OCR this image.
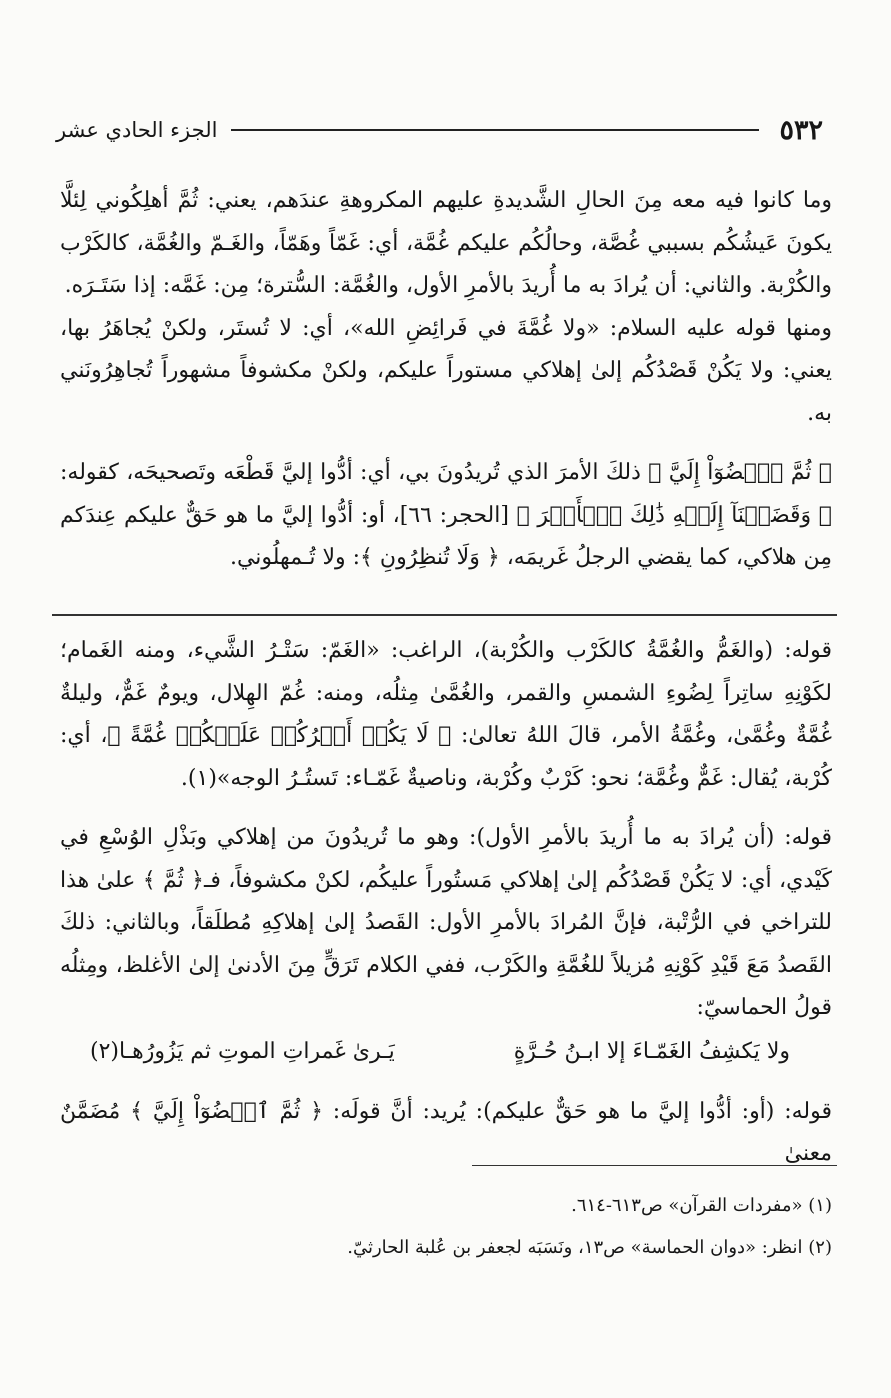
٥٣٢
الجزء الحادي عشر

وما كانوا فيه معه مِنَ الحالِ الشَّديدةِ عليهم المكروهةِ عندَهم، يعني: ثُمَّ أهلِكُوني لِئلَّا يكونَ عَيشُكُم بسببي غُصَّة، وحالُكُم عليكم غُمَّة، أي: غَمّاً وهَمّاً، والغَـمّ والغُمَّة، كالكَرْب والكُرْبة. والثاني: أن يُرادَ به ما أُريدَ بالأمرِ الأول، والغُمَّة: السُّترة؛ مِن: غَمَّه: إذا سَتَـرَه.

ومنها قوله عليه السلام: «ولا غُمَّةَ في فَرائِضِ الله»، أي: لا تُستَر، ولكنْ يُجاهَرُ بها، يعني: ولا يَكُنْ قَصْدُكُم إلىٰ إهلاكي مستوراً عليكم، ولكنْ مكشوفاً مشهوراً تُجاهِرُونَني به.

﴿ ثُمَّ ٱقۡضُوٓاْ إِلَيَّ ﴾ ذلكَ الأمرَ الذي تُريدُونَ بي، أي: أدُّوا إليَّ قَطْعَه وتَصحيحَه، كقوله: ﴿ وَقَضَيۡنَآ إِلَيۡهِ ذَٰلِكَ ٱلۡأَمۡرَ ﴾ [الحجر: ٦٦]، أو: أدُّوا إليَّ ما هو حَقٌّ عليكم عِندَكم مِن هلاكي، كما يقضي الرجلُ غَريمَه، ﴿ وَلَا تُنظِرُونِ ﴾: ولا تُـمهلُوني.

قوله: (والغَمُّ والغُمَّةُ كالكَرْب والكُرْبة)، الراغب: «الغَمّ: سَتْـرُ الشَّيء، ومنه الغَمام؛ لكَوْنِهِ ساتِراً لِضُوءِ الشمسِ والقمر، والغُمَّىٰ مِثلُه، ومنه: غُمّ الهِلال، ويومٌ غَمٌّ، وليلةٌ غُمَّةٌ وغُمَّىٰ، وغُمَّةُ الأمر، قالَ اللهُ تعالىٰ: ﴿ لَا يَكُنۡ أَمۡرُكُمۡ عَلَيۡكُمۡ غُمَّةً ﴾، أي: كُرْبة، يُقال: غَمٌّ وغُمَّة؛ نحو: كَرْبٌ وكُرْبة، وناصيةٌ غَمّـاء: تَستُـرُ الوجه»(١).

قوله: (أن يُرادَ به ما أُريدَ بالأمرِ الأول): وهو ما تُريدُونَ من إهلاكي وبَذْلِ الوُسْعِ في كَيْدي، أي: لا يَكُنْ قَصْدُكُم إلىٰ إهلاكي مَستُوراً عليكُم، لكنْ مكشوفاً، فـ﴿ ثُمَّ ﴾ علىٰ هذا للتراخي في الرُّتْبة، فإنَّ المُرادَ بالأمرِ الأول: القَصدُ إلىٰ إهلاكِهِ مُطلَقاً، وبالثاني: ذلكَ القَصدُ مَعَ قَيْدِ كَوْنِهِ مُزيلاً للغُمَّةِ والكَرْب، ففي الكلام تَرَقٍّ مِنَ الأدنىٰ إلىٰ الأغلظ، ومِثلُه قولُ الحماسيّ:

ولا يَكشِفُ الغَمّـاءَ إلا ابـنُ حُـرَّةٍ
يَـرىٰ غَمراتِ الموتِ ثم يَزُورُهـا(٢)

قوله: (أو: أدُّوا إليَّ ما هو حَقٌّ عليكم): يُريد: أنَّ قولَه: ﴿ ثُمَّ ٱقۡضُوٓاْ إِلَيَّ ﴾ مُضَمَّنٌ معنىٰ

(١) «مفردات القرآن» ص٦١٣-٦١٤.

(٢) انظر: «دوان الحماسة» ص١٣، ونَسَبَه لجعفر بن عُلبة الحارثيّ.
